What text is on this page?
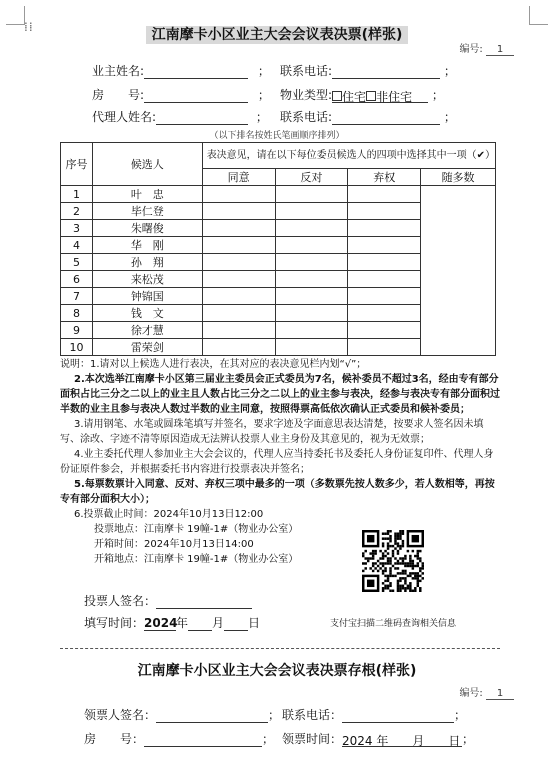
⁞⁞	江南摩卡小区业主大会会议表决票(样张)
编号: 1
业主姓名:	； 联系电话:	；
房　　号:	； 物业类型: 住宅 非住宅 ；
代理人姓名:	； 联系电话:	；
（以下排名按姓氏笔画顺序排列）
序号	候选人	表决意见，请在以下每位委员候选人的四项中选择其中一项（✔）			
		同意	反对	弃权	随多数
1	叶　忠				
2	毕仁登				
3	朱曙俊				
4	华　刚				
5	孙　翔				
6	来松茂				
7	钟锦国				
8	钱　文				
9	徐才慧				
10	雷荣剑				

说明：1.请对以上候选人进行表决，在其对应的表决意见栏内划“√”；

2.本次选举江南摩卡小区第三届业主委员会正式委员为7名，候补委员不超过3名，经由专有部分面积占比三分之二以上的业主且人数占比三分之二以上的业主参与表决，经参与表决专有部分面积过半数的业主且参与表决人数过半数的业主同意，按照得票高低依次确认正式委员和候补委员；

3.请用钢笔、水笔或圆珠笔填写并签名，要求字迹及字面意思表达清楚，按要求人签名因未填写、涂改、字迹不清等原因造成无法辨认投票人业主身份及其意见的，视为无效票；

4.业主委托代理人参加业主大会会议的，代理人应当持委托书及委托人身份证复印件、代理人身份证原件参会，并根据委托书内容进行投票表决并签名；

5.每票数票计入同意、反对、弃权三项中最多的一项（多数票先按人数多少，若人数相等，再按专有部分面积大小）；

6.投票截止时间：2024年10月13日12:00

投票地点：江南摩卡 19幢-1#（物业办公室）

开箱时间：2024年10月13日14:00

开箱地点：江南摩卡 19幢-1#（物业办公室）

支付宝扫描二维码查询相关信息
投票人签名：
填写时间：2024年 月 日
江南摩卡小区业主大会会议表决票存根(样张)
编号: 1
领票人签名：	； 联系电话：	；
房　　号：	； 领票时间：2024 年　　月　　日 ；
